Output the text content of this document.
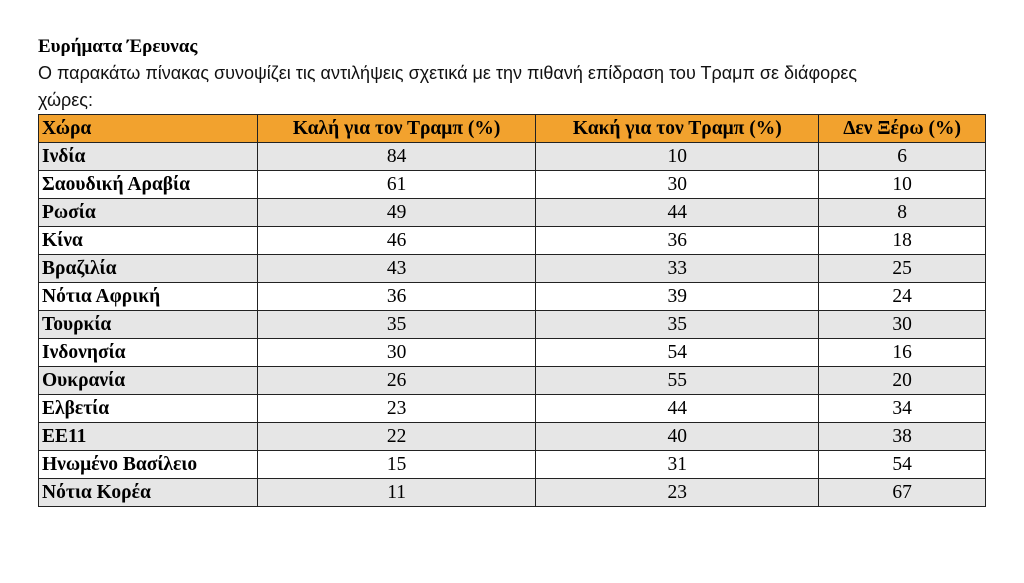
Ευρήματα Έρευνας

Ο παρακάτω πίνακας συνοψίζει τις αντιλήψεις σχετικά με την πιθανή επίδραση του Τραμπ σε διάφορες χώρες:

Χώρα	Καλή για τον Τραμπ (%)	Κακή για τον Τραμπ (%)	Δεν Ξέρω (%)
Ινδία	84	10	6
Σαουδική Αραβία	61	30	10
Ρωσία	49	44	8
Κίνα	46	36	18
Βραζιλία	43	33	25
Νότια Αφρική	36	39	24
Τουρκία	35	35	30
Ινδονησία	30	54	16
Ουκρανία	26	55	20
Ελβετία	23	44	34
ΕΕ11	22	40	38
Ηνωμένο Βασίλειο	15	31	54
Νότια Κορέα	11	23	67
